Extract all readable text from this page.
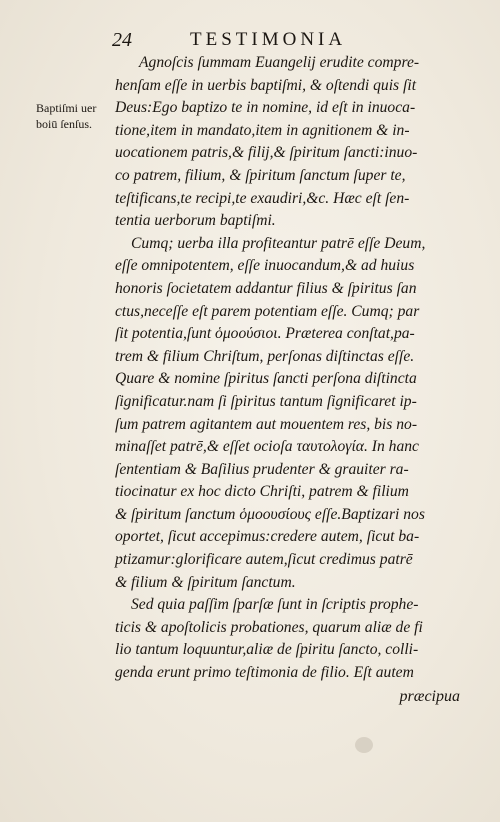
24	TESTIMONIA
Baptiſmi uer
boiū ſenſus.
Agnoſcis ſummam Euangelij erudite compre-
henſam eſſe in uerbis baptiſmi, & oſtendi quis ſit
Deus:Ego baptizo te in nomine, id eſt in inuoca-
tione,item in mandato,item in agnitionem & in-
uocationem patris,& filij,& ſpiritum ſancti:inuo-
co patrem, filium, & ſpiritum ſanctum ſuper te,
teſtificans,te recipi,te exaudiri,&c. Hæc eſt ſen-
tentia uerborum baptiſmi.
Cumq; uerba illa profiteantur patrē eſſe Deum,
eſſe omnipotentem, eſſe inuocandum,& ad huius
honoris ſocietatem addantur filius & ſpiritus ſan
ctus,neceſſe eſt parem potentiam eſſe. Cumq; par
ſit potentia,ſunt ὁμοούσιοι. Præterea conſtat,pa-
trem & filium Chriſtum, perſonas diſtinctas eſſe.
Quare & nomine ſpiritus ſancti perſona diſtincta
ſignificatur.nam ſi ſpiritus tantum ſignificaret ip-
ſum patrem agitantem aut mouentem res, bis no-
minaſſet patrē,& eſſet ocioſa ταυτολογία. In hanc
ſententiam & Baſilius prudenter & grauiter ra-
tiocinatur ex hoc dicto Chriſti, patrem & filium
& ſpiritum ſanctum ὁμοουσίους eſſe.Baptizari nos
oportet, ſicut accepimus:credere autem, ſicut ba-
ptizamur:glorificare autem,ſicut credimus patrē
& filium & ſpiritum ſanctum.
Sed quia paſſim ſparſæ ſunt in ſcriptis prophe-
ticis & apoſtolicis probationes, quarum aliæ de fi
lio tantum loquuntur,aliæ de ſpiritu ſancto, colli-
genda erunt primo teſtimonia de filio. Eſt autem
præcipua
